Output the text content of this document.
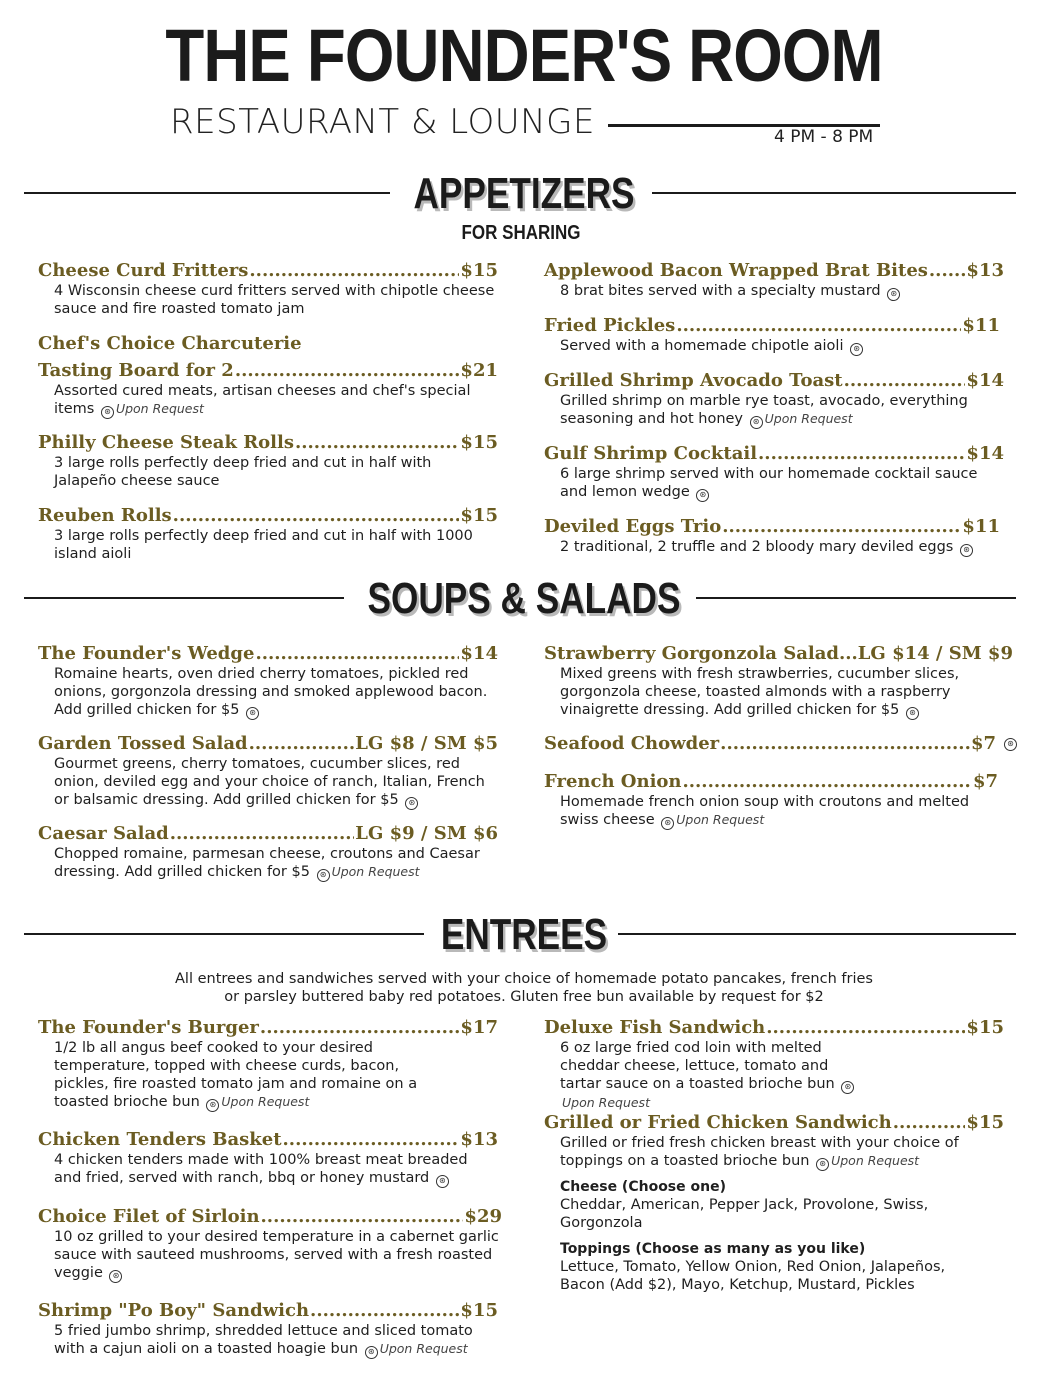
THE FOUNDER'S ROOM
RESTAURANT & LOUNGE	4 PM - 8 PM
APPETIZERS
FOR SHARING
Cheese Curd Fritters .....	$15
4 Wisconsin cheese curd fritters served with chipotle cheese sauce and fire roasted tomato jam
Chef's Choice Charcuterie
Tasting Board for 2 .....	$21
Assorted cured meats, artisan cheeses and chef's special items ⊛ Upon Request
Philly Cheese Steak Rolls .....	$15
3 large rolls perfectly deep fried and cut in half with Jalapeño cheese sauce
Reuben Rolls .....	$15
3 large rolls perfectly deep fried and cut in half with 1000 island aioli
Applewood Bacon Wrapped Brat Bites ..... $13
8 brat bites served with a specialty mustard ⊛
Fried Pickles .....	$11
Served with a homemade chipotle aioli ⊛
Grilled Shrimp Avocado Toast .....	$14
Grilled shrimp on marble rye toast, avocado, everything seasoning and hot honey ⊛ Upon Request
Gulf Shrimp Cocktail .....	$14
6 large shrimp served with our homemade cocktail sauce and lemon wedge ⊛
Deviled Eggs Trio .....	$11
2 traditional, 2 truffle and 2 bloody mary deviled eggs ⊛
SOUPS & SALADS
The Founder's Wedge .....	$14
Romaine hearts, oven dried cherry tomatoes, pickled red onions, gorgonzola dressing and smoked applewood bacon. Add grilled chicken for $5 ⊛
Garden Tossed Salad .....	LG $8 / SM $5
Gourmet greens, cherry tomatoes, cucumber slices, red onion, deviled egg and your choice of ranch, Italian, French or balsamic dressing. Add grilled chicken for $5 ⊛
Caesar Salad .....	LG $9 / SM $6
Chopped romaine, parmesan cheese, croutons and Caesar dressing. Add grilled chicken for $5 ⊛ Upon Request
Strawberry Gorgonzola Salad...LG $14 / SM $9
Mixed greens with fresh strawberries, cucumber slices, gorgonzola cheese, toasted almonds with a raspberry vinaigrette dressing. Add grilled chicken for $5 ⊛
Seafood Chowder .....	$7	⊛
French Onion .....	$7
Homemade french onion soup with croutons and melted swiss cheese ⊛ Upon Request
ENTREES
All entrees and sandwiches served with your choice of homemade potato pancakes, french fries
or parsley buttered baby red potatoes. Gluten free bun available by request for $2
The Founder's Burger .....	$17
1/2 lb all angus beef cooked to your desired temperature, topped with cheese curds, bacon, pickles, fire roasted tomato jam and romaine on a toasted brioche bun ⊛ Upon Request
Chicken Tenders Basket .....	$13
4 chicken tenders made with 100% breast meat breaded and fried, served with ranch, bbq or honey mustard ⊛
Choice Filet of Sirloin .....	$29
10 oz grilled to your desired temperature in a cabernet garlic sauce with sauteed mushrooms, served with a fresh roasted veggie ⊛
Shrimp "Po Boy" Sandwich .....	$15
5 fried jumbo shrimp, shredded lettuce and sliced tomato with a cajun aioli on a toasted hoagie bun ⊛ Upon Request
Deluxe Fish Sandwich .....	$15
6 oz large fried cod loin with melted cheddar cheese, lettuce, tomato and tartar sauce on a toasted brioche bun ⊛Upon Request
Grilled or Fried Chicken Sandwich .....	$15
Grilled or fried fresh chicken breast with your choice of toppings on a toasted brioche bun ⊛ Upon Request
Cheese (Choose one)
Cheddar, American, Pepper Jack, Provolone, Swiss, Gorgonzola
Toppings (Choose as many as you like)
Lettuce, Tomato, Yellow Onion, Red Onion, Jalapeños, Bacon (Add $2), Mayo, Ketchup, Mustard, Pickles
